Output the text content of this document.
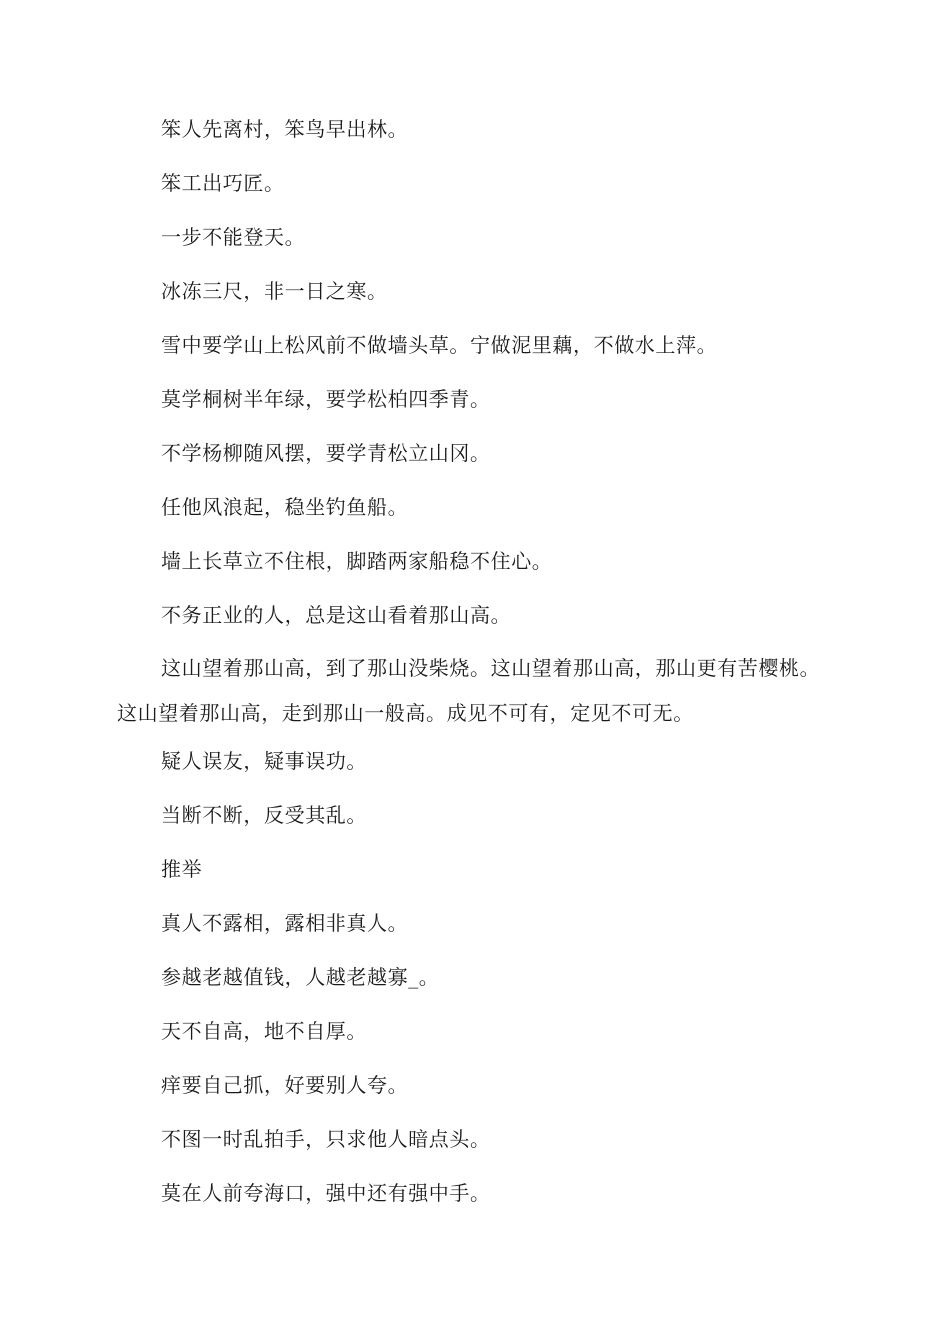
笨人先离村，笨鸟早出林。

笨工出巧匠。

一步不能登天。

冰冻三尺，非一日之寒。

雪中要学山上松风前不做墙头草。宁做泥里藕，不做水上萍。

莫学桐树半年绿，要学松柏四季青。

不学杨柳随风摆，要学青松立山冈。

任他风浪起，稳坐钓鱼船。

墙上长草立不住根，脚踏两家船稳不住心。

不务正业的人，总是这山看着那山高。

这山望着那山高，到了那山没柴烧。这山望着那山高，那山更有苦樱桃。这山望着那山高，走到那山一般高。成见不可有，定见不可无。

疑人误友，疑事误功。

当断不断，反受其乱。

推举

真人不露相，露相非真人。

参越老越值钱，人越老越寡_。

天不自高，地不自厚。

痒要自己抓，好要别人夸。

不图一时乱拍手，只求他人暗点头。

莫在人前夸海口，强中还有强中手。
